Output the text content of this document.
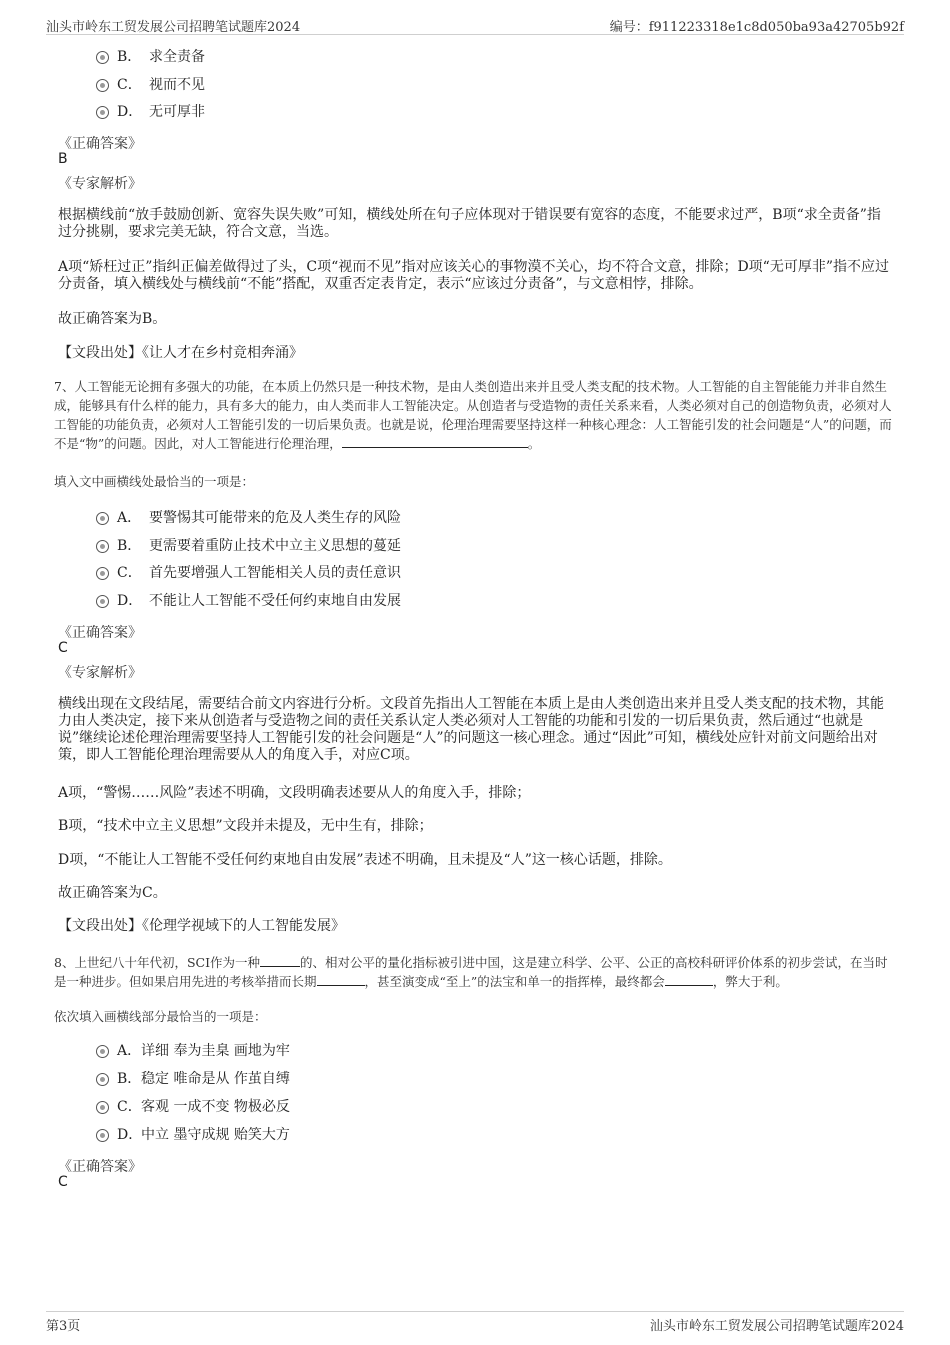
汕头市岭东工贸发展公司招聘笔试题库2024	编号：f911223318e1c8d050ba93a42705b92f
B． 求全责备
C． 视而不见
D． 无可厚非
《正确答案》
B
《专家解析》
根据横线前“放手鼓励创新、宽容失误失败”可知，横线处所在句子应体现对于错误要有宽容的态度，不能要求过严，B项“求全责备”指过分挑剔，要求完美无缺，符合文意，当选。
A项“矫枉过正”指纠正偏差做得过了头，C项“视而不见”指对应该关心的事物漠不关心，均不符合文意，排除；D项“无可厚非”指不应过分责备，填入横线处与横线前“不能”搭配，双重否定表肯定，表示“应该过分责备”，与文意相悖，排除。
故正确答案为B。
【文段出处】《让人才在乡村竞相奔涌》
7、人工智能无论拥有多强大的功能，在本质上仍然只是一种技术物，是由人类创造出来并且受人类支配的技术物。人工智能的自主智能能力并非自然生成，能够具有什么样的能力，具有多大的能力，由人类而非人工智能决定。从创造者与受造物的责任关系来看，人类必须对自己的创造物负责，必须对人工智能的功能负责，必须对人工智能引发的一切后果负责。也就是说，伦理治理需要坚持这样一种核心理念：人工智能引发的社会问题是“人”的问题，而不是“物”的问题。因此，对人工智能进行伦理治理，	。
填入文中画横线处最恰当的一项是：
A． 要警惕其可能带来的危及人类生存的风险
B． 更需要着重防止技术中立主义思想的蔓延
C． 首先要增强人工智能相关人员的责任意识
D． 不能让人工智能不受任何约束地自由发展
《正确答案》
C
《专家解析》
横线出现在文段结尾，需要结合前文内容进行分析。文段首先指出人工智能在本质上是由人类创造出来并且受人类支配的技术物，其能力由人类决定，接下来从创造者与受造物之间的责任关系认定人类必须对人工智能的功能和引发的一切后果负责，然后通过“也就是说”继续论述伦理治理需要坚持人工智能引发的社会问题是“人”的问题这一核心理念。通过“因此”可知，横线处应针对前文问题给出对策，即人工智能伦理治理需要从人的角度入手，对应C项。
A项，“警惕……风险”表述不明确，文段明确表述要从人的角度入手，排除；
B项，“技术中立主义思想”文段并未提及，无中生有，排除；
D项，“不能让人工智能不受任何约束地自由发展”表述不明确，且未提及“人”这一核心话题，排除。
故正确答案为C。
【文段出处】《伦理学视域下的人工智能发展》
8、上世纪八十年代初，SCI作为一种	的、相对公平的量化指标被引进中国，这是建立科学、公平、公正的高校科研评价体系的初步尝试，在当时是一种进步。但如果启用先进的考核举措而长期	，甚至演变成“至上”的法宝和单一的指挥棒，最终都会	，弊大于利。
依次填入画横线部分最恰当的一项是：
A．详细 奉为圭臬 画地为牢
B．稳定 唯命是从 作茧自缚
C．客观 一成不变 物极必反
D．中立 墨守成规 贻笑大方
《正确答案》
C
第3页	汕头市岭东工贸发展公司招聘笔试题库2024
